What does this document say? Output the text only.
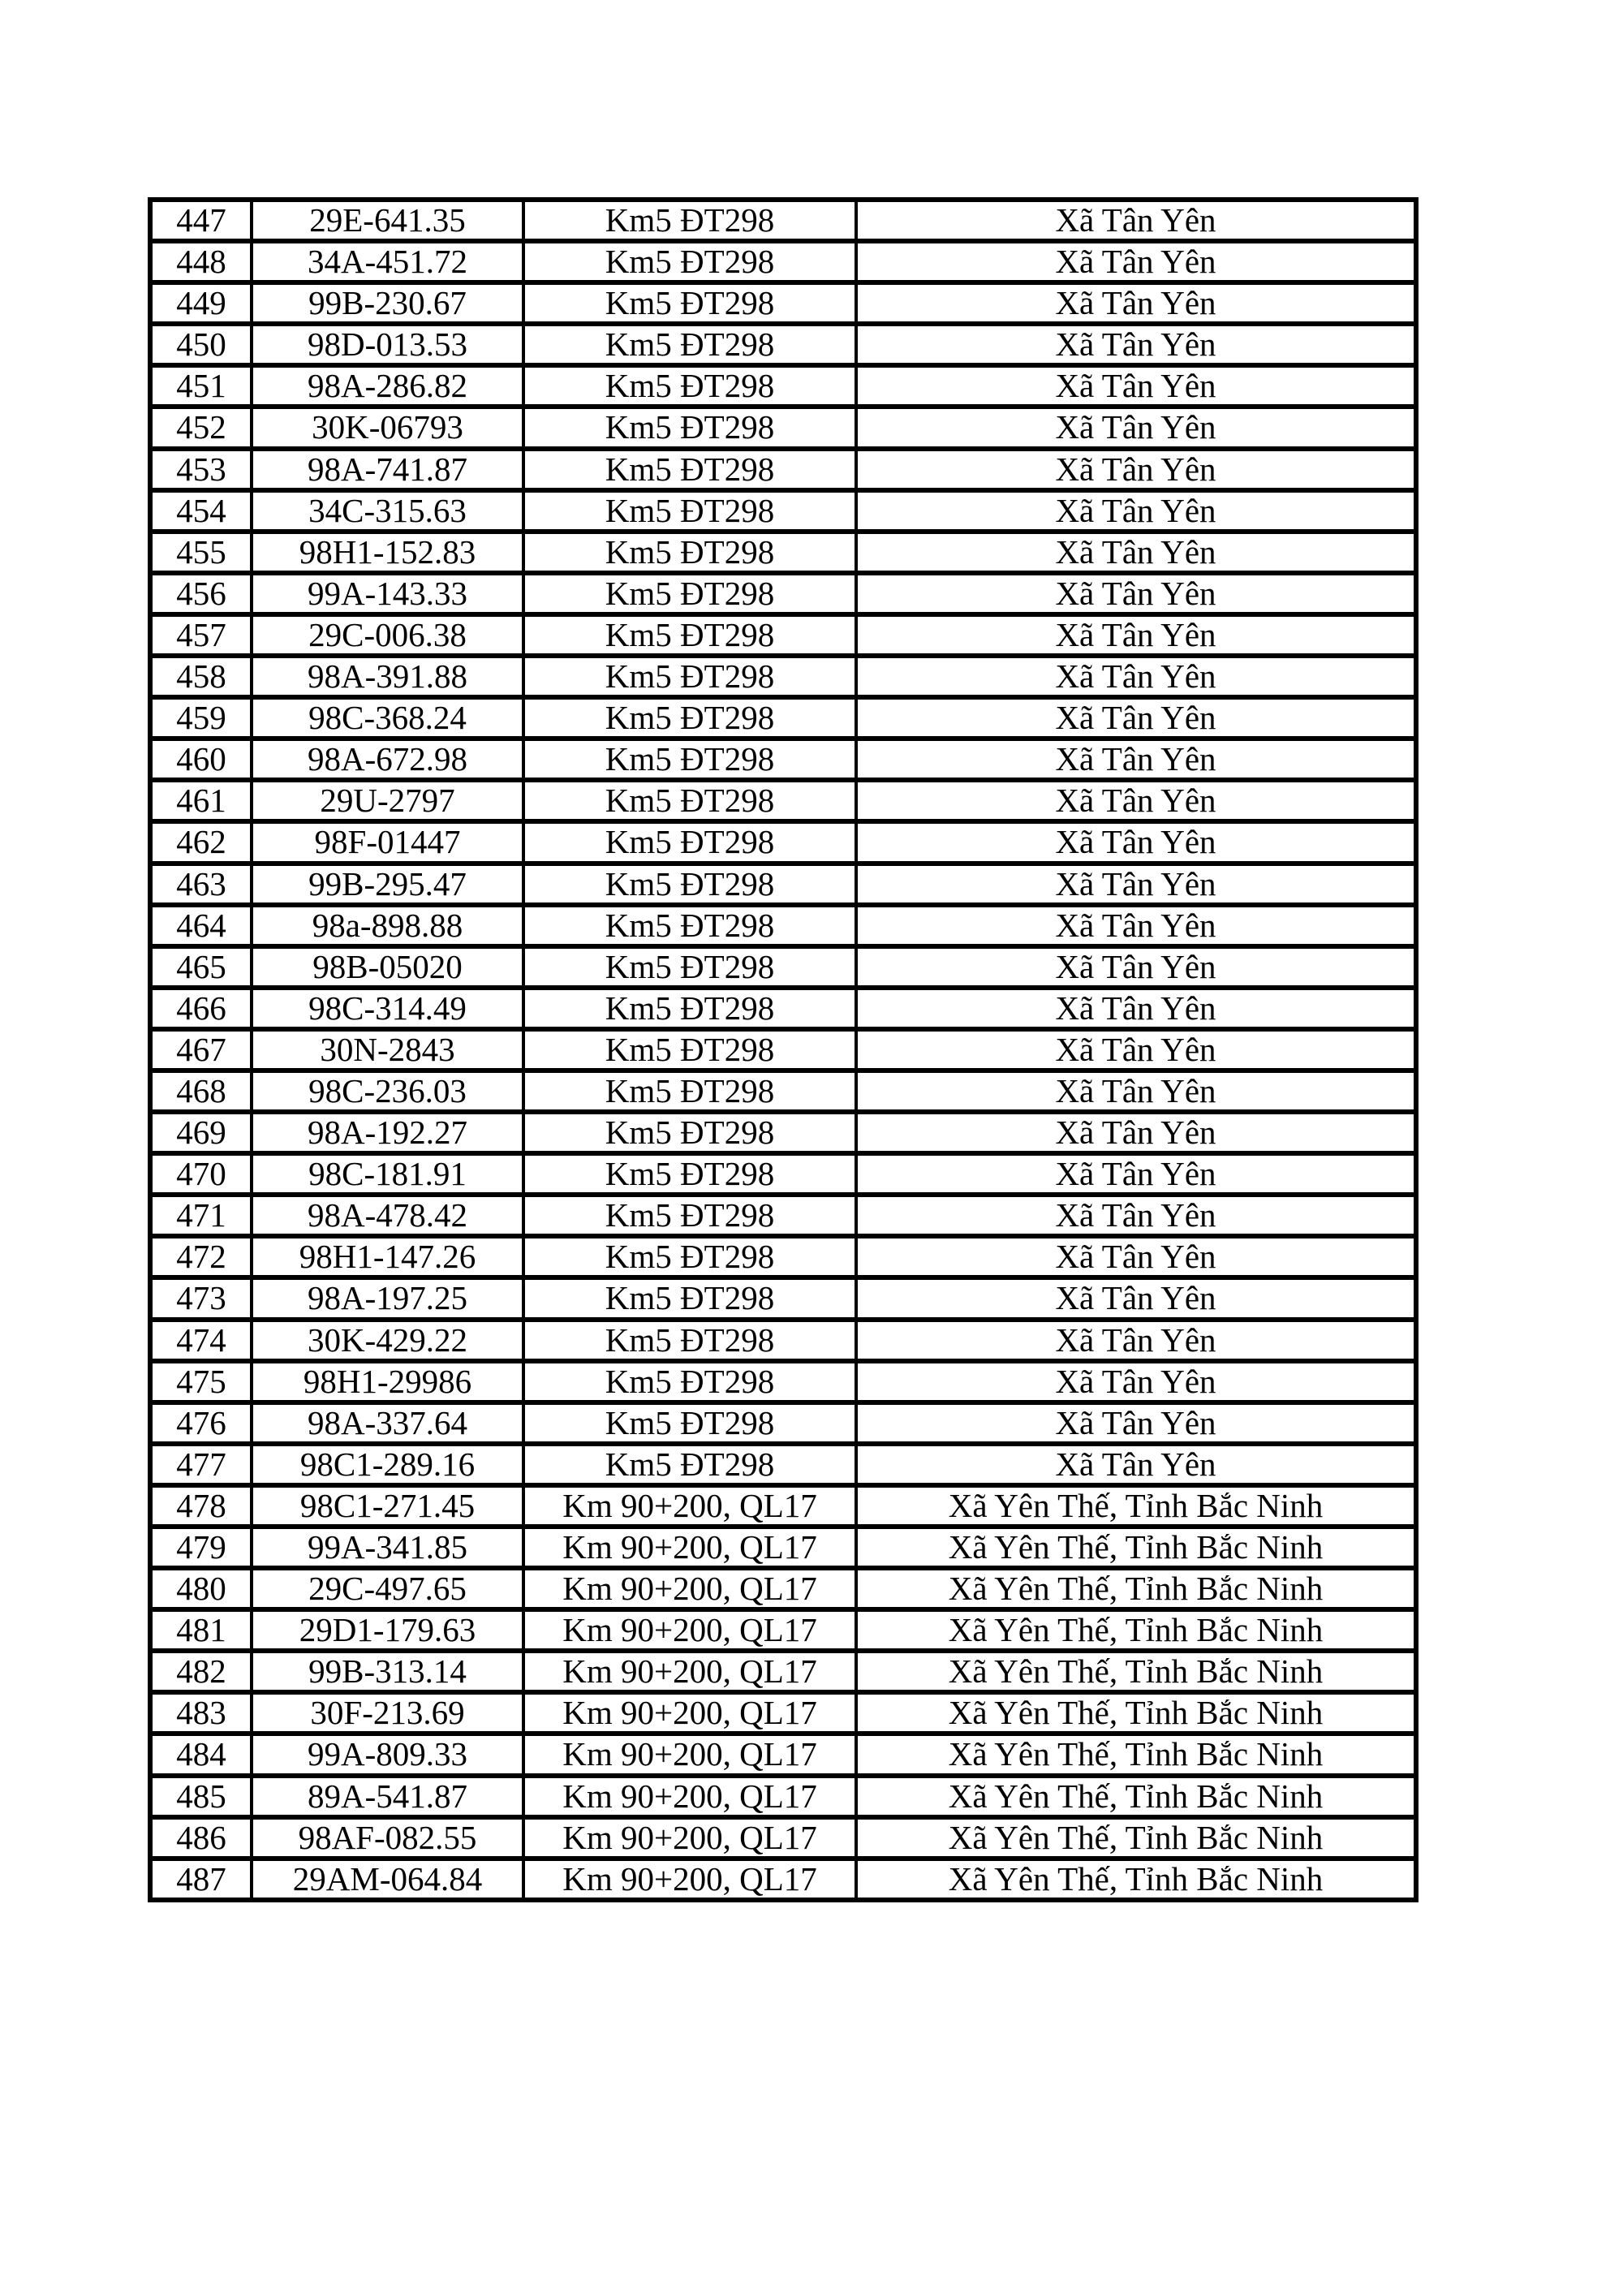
447	29E-641.35	Km5 ĐT298	Xã Tân Yên
448	34A-451.72	Km5 ĐT298	Xã Tân Yên
449	99B-230.67	Km5 ĐT298	Xã Tân Yên
450	98D-013.53	Km5 ĐT298	Xã Tân Yên
451	98A-286.82	Km5 ĐT298	Xã Tân Yên
452	30K-06793	Km5 ĐT298	Xã Tân Yên
453	98A-741.87	Km5 ĐT298	Xã Tân Yên
454	34C-315.63	Km5 ĐT298	Xã Tân Yên
455	98H1-152.83	Km5 ĐT298	Xã Tân Yên
456	99A-143.33	Km5 ĐT298	Xã Tân Yên
457	29C-006.38	Km5 ĐT298	Xã Tân Yên
458	98A-391.88	Km5 ĐT298	Xã Tân Yên
459	98C-368.24	Km5 ĐT298	Xã Tân Yên
460	98A-672.98	Km5 ĐT298	Xã Tân Yên
461	29U-2797	Km5 ĐT298	Xã Tân Yên
462	98F-01447	Km5 ĐT298	Xã Tân Yên
463	99B-295.47	Km5 ĐT298	Xã Tân Yên
464	98a-898.88	Km5 ĐT298	Xã Tân Yên
465	98B-05020	Km5 ĐT298	Xã Tân Yên
466	98C-314.49	Km5 ĐT298	Xã Tân Yên
467	30N-2843	Km5 ĐT298	Xã Tân Yên
468	98C-236.03	Km5 ĐT298	Xã Tân Yên
469	98A-192.27	Km5 ĐT298	Xã Tân Yên
470	98C-181.91	Km5 ĐT298	Xã Tân Yên
471	98A-478.42	Km5 ĐT298	Xã Tân Yên
472	98H1-147.26	Km5 ĐT298	Xã Tân Yên
473	98A-197.25	Km5 ĐT298	Xã Tân Yên
474	30K-429.22	Km5 ĐT298	Xã Tân Yên
475	98H1-29986	Km5 ĐT298	Xã Tân Yên
476	98A-337.64	Km5 ĐT298	Xã Tân Yên
477	98C1-289.16	Km5 ĐT298	Xã Tân Yên
478	98C1-271.45	Km 90+200, QL17	Xã Yên Thế, Tỉnh Bắc Ninh
479	99A-341.85	Km 90+200, QL17	Xã Yên Thế, Tỉnh Bắc Ninh
480	29C-497.65	Km 90+200, QL17	Xã Yên Thế, Tỉnh Bắc Ninh
481	29D1-179.63	Km 90+200, QL17	Xã Yên Thế, Tỉnh Bắc Ninh
482	99B-313.14	Km 90+200, QL17	Xã Yên Thế, Tỉnh Bắc Ninh
483	30F-213.69	Km 90+200, QL17	Xã Yên Thế, Tỉnh Bắc Ninh
484	99A-809.33	Km 90+200, QL17	Xã Yên Thế, Tỉnh Bắc Ninh
485	89A-541.87	Km 90+200, QL17	Xã Yên Thế, Tỉnh Bắc Ninh
486	98AF-082.55	Km 90+200, QL17	Xã Yên Thế, Tỉnh Bắc Ninh
487	29AM-064.84	Km 90+200, QL17	Xã Yên Thế, Tỉnh Bắc Ninh
